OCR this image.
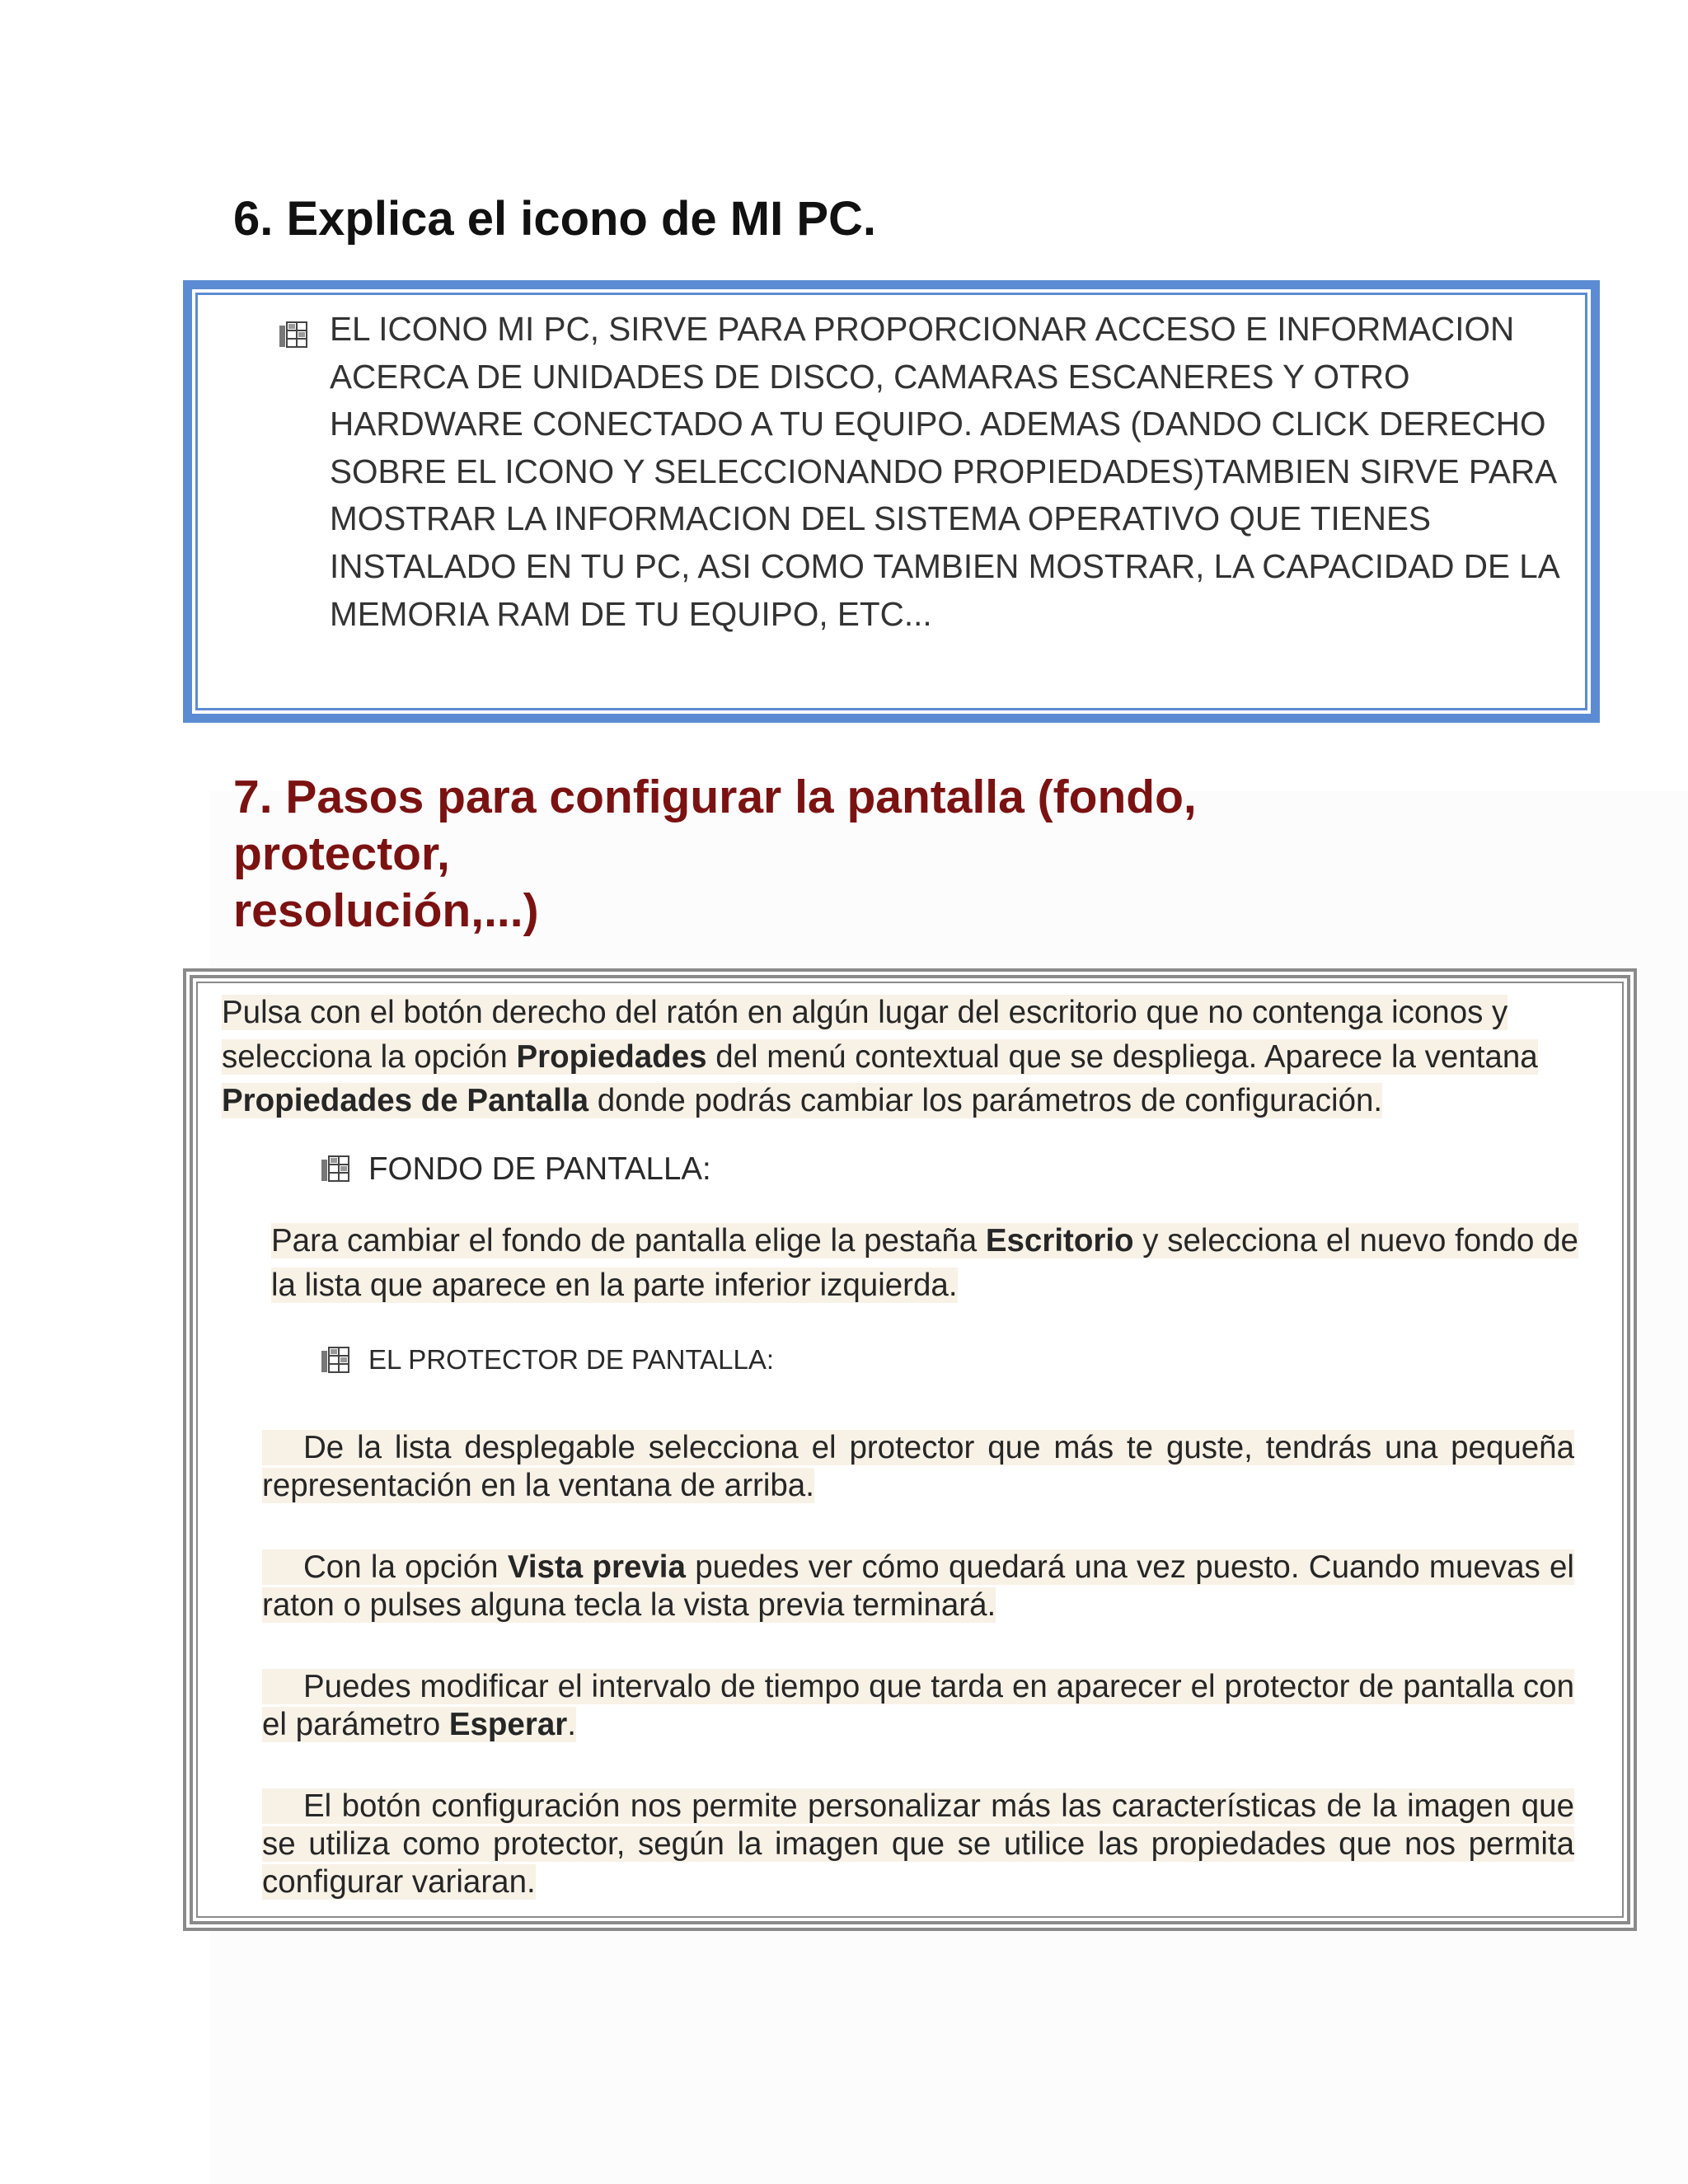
6. Explica el icono de MI PC.
EL ICONO MI PC, SIRVE PARA PROPORCIONAR ACCESO E INFORMACION ACERCA DE UNIDADES DE DISCO, CAMARAS ESCANERES Y OTRO HARDWARE CONECTADO A TU EQUIPO. ADEMAS (DANDO CLICK DERECHO SOBRE EL ICONO Y SELECCIONANDO PROPIEDADES)TAMBIEN SIRVE PARA MOSTRAR LA INFORMACION DEL SISTEMA OPERATIVO QUE TIENES INSTALADO EN TU PC, ASI COMO TAMBIEN MOSTRAR, LA CAPACIDAD DE LA MEMORIA RAM DE TU EQUIPO, ETC...
7. Pasos para configurar la pantalla (fondo,
protector,
resolución,...)
Pulsa con el botón derecho del ratón en algún lugar del escritorio que no contenga iconos y selecciona la opción Propiedades del menú contextual que se despliega. Aparece la ventana Propiedades de Pantalla donde podrás cambiar los parámetros de configuración.
FONDO DE PANTALLA:
Para cambiar el fondo de pantalla elige la pestaña Escritorio y selecciona el nuevo fondo de la lista que aparece en la parte inferior izquierda.
EL PROTECTOR DE PANTALLA:
De la lista desplegable selecciona el protector que más te guste, tendrás una pequeña representación en la ventana de arriba.
Con la opción Vista previa puedes ver cómo quedará una vez puesto. Cuando muevas el raton o pulses alguna tecla la vista previa terminará.
Puedes modificar el intervalo de tiempo que tarda en aparecer el protector de pantalla con el parámetro Esperar.
El botón configuración nos permite personalizar más las características de la imagen que se utiliza como protector, según la imagen que se utilice las propiedades que nos permita configurar variaran.
